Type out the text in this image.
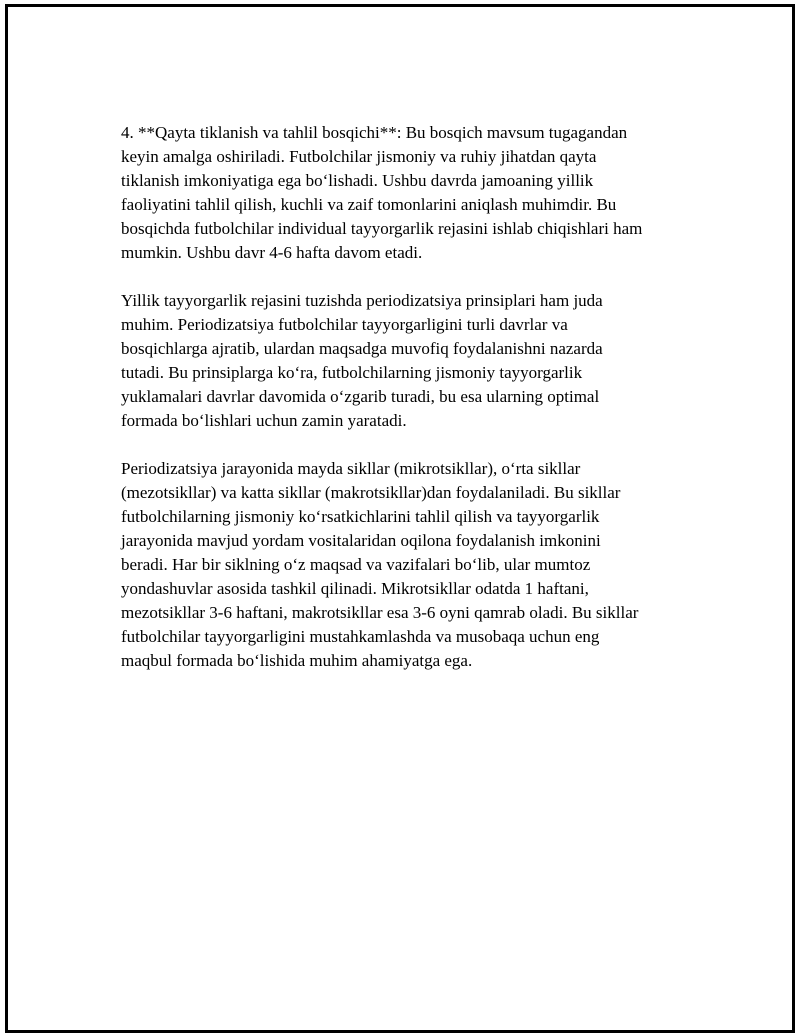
4. **Qayta tiklanish va tahlil bosqichi**: Bu bosqich mavsum tugagandan
keyin amalga oshiriladi. Futbolchilar jismoniy va ruhiy jihatdan qayta
tiklanish imkoniyatiga ega bo‘lishadi. Ushbu davrda jamoaning yillik
faoliyatini tahlil qilish, kuchli va zaif tomonlarini aniqlash muhimdir. Bu
bosqichda futbolchilar individual tayyorgarlik rejasini ishlab chiqishlari ham
mumkin. Ushbu davr 4-6 hafta davom etadi.

Yillik tayyorgarlik rejasini tuzishda periodizatsiya prinsiplari ham juda
muhim. Periodizatsiya futbolchilar tayyorgarligini turli davrlar va
bosqichlarga ajratib, ulardan maqsadga muvofiq foydalanishni nazarda
tutadi. Bu prinsiplarga ko‘ra, futbolchilarning jismoniy tayyorgarlik
yuklamalari davrlar davomida o‘zgarib turadi, bu esa ularning optimal
formada bo‘lishlari uchun zamin yaratadi.

Periodizatsiya jarayonida mayda sikllar (mikrotsikllar), o‘rta sikllar
(mezotsikllar) va katta sikllar (makrotsikllar)dan foydalaniladi. Bu sikllar
futbolchilarning jismoniy ko‘rsatkichlarini tahlil qilish va tayyorgarlik
jarayonida mavjud yordam vositalaridan oqilona foydalanish imkonini
beradi. Har bir siklning o‘z maqsad va vazifalari bo‘lib, ular mumtoz
yondashuvlar asosida tashkil qilinadi. Mikrotsikllar odatda 1 haftani,
mezotsikllar 3-6 haftani, makrotsikllar esa 3-6 oyni qamrab oladi. Bu sikllar
futbolchilar tayyorgarligini mustahkamlashda va musobaqa uchun eng
maqbul formada bo‘lishida muhim ahamiyatga ega.
